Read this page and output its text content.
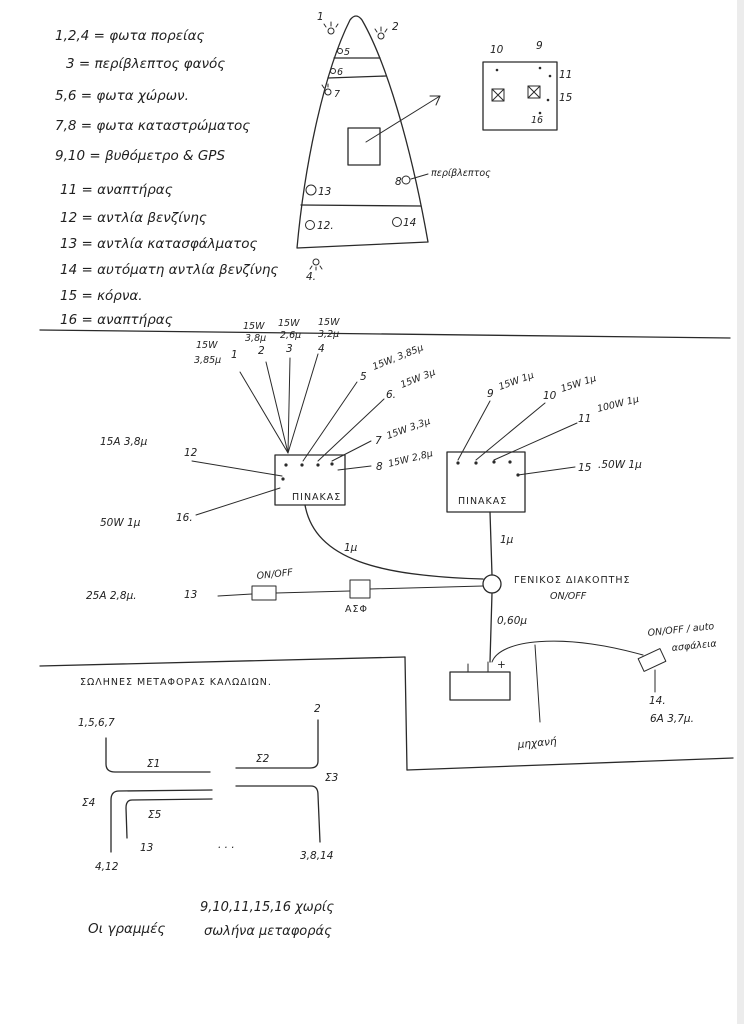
1,2,4 = φωτα πορείας
3 = περίβλεπτος φανός
5,6 = φωτα χώρων.
7,8 = φωτα καταστρώματος
9,10 = βυθόμετρο & GPS
11 = αναπτήρας
12 = αντλία βενζίνης
13 = αντλία κατασφάλματος
14 = αυτόματη αντλία βενζίνης
15 = κόρνα.
16 = αναπτήρας
1
2
5
6
7
13
8
περίβλεπτος
12.	14
4.
10	9
11
15
16
ΠΙΝΑΚΑΣ
15W
3,85μ 1
15W
3,8μ
2
15W
2,6μ
3
15W
3,2μ
4
5
15W, 3,85μ
6.
15W 3μ
7 15W 3,3μ
8 15W 2,8μ
15A 3,8μ
12
50W 1μ	16.
ΠΙΝΑΚΑΣ
9
15W 1μ
10
15W 1μ
11
100W 1μ
15 .50W 1μ
1μ
1μ
ΓΕΝΙΚΟΣ ΔΙΑΚΟΠΤΗΣ
ON/OFF
25A 2,8μ.	13
ON/OFF
ΑΣΦ
0,60μ
+
μηχανή
ON/OFF / auto
ασφάλεια
14.
6A 3,7μ.
ΣΩΛΗΝΕΣ ΜΕΤΑΦΟΡΑΣ ΚΑΛΩΔΙΩΝ.
1,5,6,7
Σ1
2
Σ2
Σ3
3,8,14
Σ4
4,12
Σ5
13	. . .
Οι γραμμές
9,10,11,15,16 χωρίς
σωλήνα μεταφοράς
